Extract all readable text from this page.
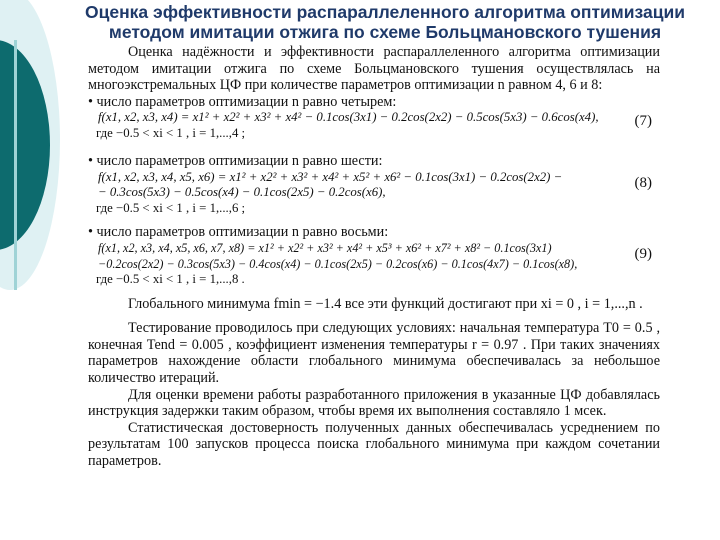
Оценка эффективности распараллеленного алгоритма оптимизации методом имитации отжига по схеме Больцмановского тушения

Оценка надёжности и эффективности распараллеленного алгоритма оптимизации методом имитации отжига по схеме Больцмановского тушения осуществлялась на многоэкстремальных ЦФ при количестве параметров оптимизации n равном 4, 6 и 8:

• число параметров оптимизации n равно четырем:

f(x1, x2, x3, x4) = x1² + x2² + x3² + x4² − 0.1cos(3x1) − 0.2cos(2x2) − 0.5cos(5x3) − 0.6cos(x4), (7)

где −0.5 < xi < 1 , i = 1,...,4 ;

• число параметров оптимизации n равно шести:

f(x1, x2, x3, x4, x5, x6) = x1² + x2² + x3² + x4² + x5² + x6² − 0.1cos(3x1) − 0.2cos(2x2) −
− 0.3cos(5x3) − 0.5cos(x4) − 0.1cos(2x5) − 0.2cos(x6),
(8)

где −0.5 < xi < 1 , i = 1,...,6 ;

• число параметров оптимизации n равно восьми:

f(x1, x2, x3, x4, x5, x6, x7, x8) = x1² + x2² + x3² + x4² + x5³ + x6² + x7² + x8² − 0.1cos(3x1)
−0.2cos(2x2) − 0.3cos(5x3) − 0.4cos(x4) − 0.1cos(2x5) − 0.2cos(x6) − 0.1cos(4x7) − 0.1cos(x8),
(9)

где −0.5 < xi < 1 , i = 1,...,8 .

Глобального минимума fmin = −1.4 все эти функций достигают при xi = 0 , i = 1,...,n .

Тестирование проводилось при следующих условиях: начальная температура T0 = 0.5 , конечная Tend = 0.005 , коэффициент изменения температуры r = 0.97 . При таких значениях параметров нахождение области глобального минимума обеспечивалась за небольшое количество итераций.

Для оценки времени работы разработанного приложения в указанные ЦФ добавлялась инструкция задержки таким образом, чтобы время их выполнения составляло 1 мсек.

Статистическая достоверность полученных данных обеспечивалась усреднением по результатам 100 запусков процесса поиска глобального минимума при каждом сочетании параметров.
